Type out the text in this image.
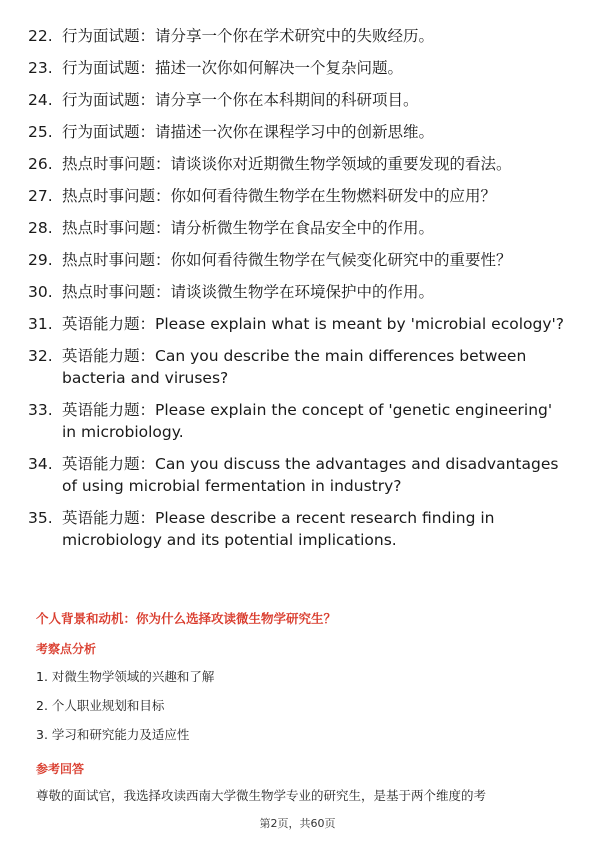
22. 行为面试题：请分享一个你在学术研究中的失败经历。
23. 行为面试题：描述一次你如何解决一个复杂问题。
24. 行为面试题：请分享一个你在本科期间的科研项目。
25. 行为面试题：请描述一次你在课程学习中的创新思维。
26. 热点时事问题：请谈谈你对近期微生物学领域的重要发现的看法。
27. 热点时事问题：你如何看待微生物学在生物燃料研发中的应用？
28. 热点时事问题：请分析微生物学在食品安全中的作用。
29. 热点时事问题：你如何看待微生物学在气候变化研究中的重要性？
30. 热点时事问题：请谈谈微生物学在环境保护中的作用。
31. 英语能力题：Please explain what is meant by 'microbial ecology'?
32. 英语能力题：Can you describe the main differences between bacteria and viruses?
33. 英语能力题：Please explain the concept of 'genetic engineering' in microbiology.
34. 英语能力题：Can you discuss the advantages and disadvantages of using microbial fermentation in industry?
35. 英语能力题：Please describe a recent research finding in microbiology and its potential implications.
个人背景和动机：你为什么选择攻读微生物学研究生？
考察点分析
1. 对微生物学领域的兴趣和了解
2. 个人职业规划和目标
3. 学习和研究能力及适应性
参考回答
尊敬的面试官，我选择攻读西南大学微生物学专业的研究生，是基于两个维度的考
第2页，共60页
